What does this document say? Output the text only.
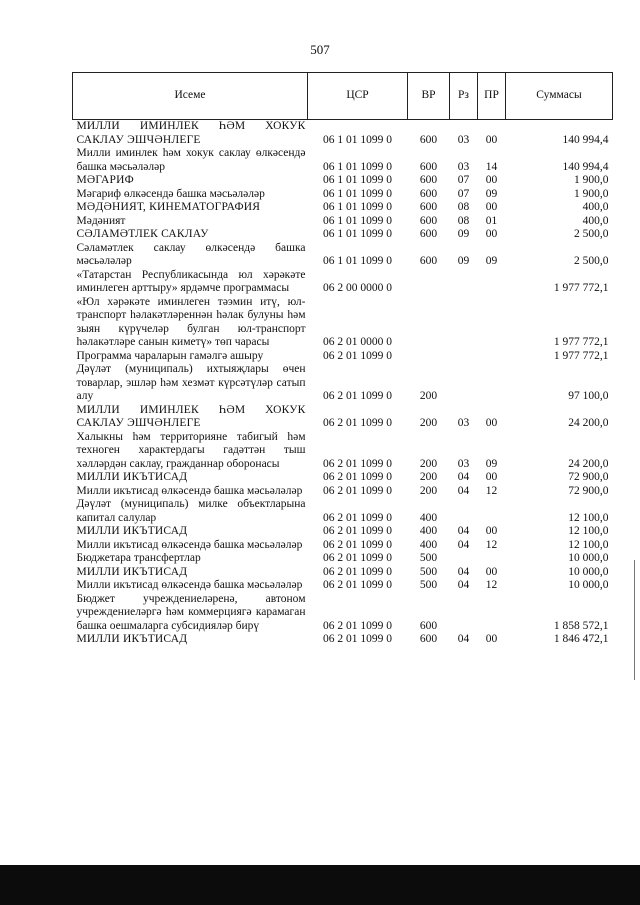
507
Исеме	ЦСР	ВР	Рз	ПР	Суммасы
МИЛЛИ ИМИНЛЕК ҺӘМ ХОКУК САКЛАУ ЭШЧӘНЛЕГЕ	06 1 01 1099 0	600	03	00	140 994,4
Милли иминлек һәм хокук саклау өлкәсендә башка мәсьәләләр	06 1 01 1099 0	600	03	14	140 994,4
МӘГАРИФ	06 1 01 1099 0	600	07	00	1 900,0
Мәгариф өлкәсендә башка мәсьәләләр	06 1 01 1099 0	600	07	09	1 900,0
МӘДӘНИЯТ, КИНЕМАТОГРАФИЯ	06 1 01 1099 0	600	08	00	400,0
Мәдәният	06 1 01 1099 0	600	08	01	400,0
СӘЛАМӘТЛЕК САКЛАУ	06 1 01 1099 0	600	09	00	2 500,0
Сәламәтлек саклау өлкәсендә башка мәсьәләләр	06 1 01 1099 0	600	09	09	2 500,0
«Татарстан Республикасында юл хәрәкәте иминлеген арттыру» ярдәмче программасы	06 2 00 0000 0				1 977 772,1
«Юл хәрәкәте иминлеген тәэмин итү, юл-транспорт һәлакәтләреннән һәлак булуны һәм зыян күрүчеләр булган юл-транспорт һәлакәтләре санын киметү» төп чарасы	06 2 01 0000 0				1 977 772,1
Программа чараларын гамәлгә ашыру	06 2 01 1099 0				1 977 772,1
Дәүләт (муниципаль) ихтыяҗлары өчен товарлар, эшләр һәм хезмәт күрсәтүләр сатып алу	06 2 01 1099 0	200			97 100,0
МИЛЛИ ИМИНЛЕК ҺӘМ ХОКУК САКЛАУ ЭШЧӘНЛЕГЕ	06 2 01 1099 0	200	03	00	24 200,0
Халыкны һәм территорияне табигый һәм техноген характердагы гадәттән тыш хәлләрдән саклау, гражданнар оборонасы	06 2 01 1099 0	200	03	09	24 200,0
МИЛЛИ ИКЪТИСАД	06 2 01 1099 0	200	04	00	72 900,0
Милли икътисад өлкәсендә башка мәсьәләләр	06 2 01 1099 0	200	04	12	72 900,0
Дәүләт (муниципаль) милке объектларына капитал салулар	06 2 01 1099 0	400			12 100,0
МИЛЛИ ИКЪТИСАД	06 2 01 1099 0	400	04	00	12 100,0
Милли икътисад өлкәсендә башка мәсьәләләр	06 2 01 1099 0	400	04	12	12 100,0
Бюджетара трансфертлар	06 2 01 1099 0	500			10 000,0
МИЛЛИ ИКЪТИСАД	06 2 01 1099 0	500	04	00	10 000,0
Милли икътисад өлкәсендә башка мәсьәләләр	06 2 01 1099 0	500	04	12	10 000,0
Бюджет учреждениеләренә, автоном учреждениеләргә һәм коммерциягә карамаган башка оешмаларга субсидияләр бирү	06 2 01 1099 0	600			1 858 572,1
МИЛЛИ ИКЪТИСАД	06 2 01 1099 0	600	04	00	1 846 472,1
